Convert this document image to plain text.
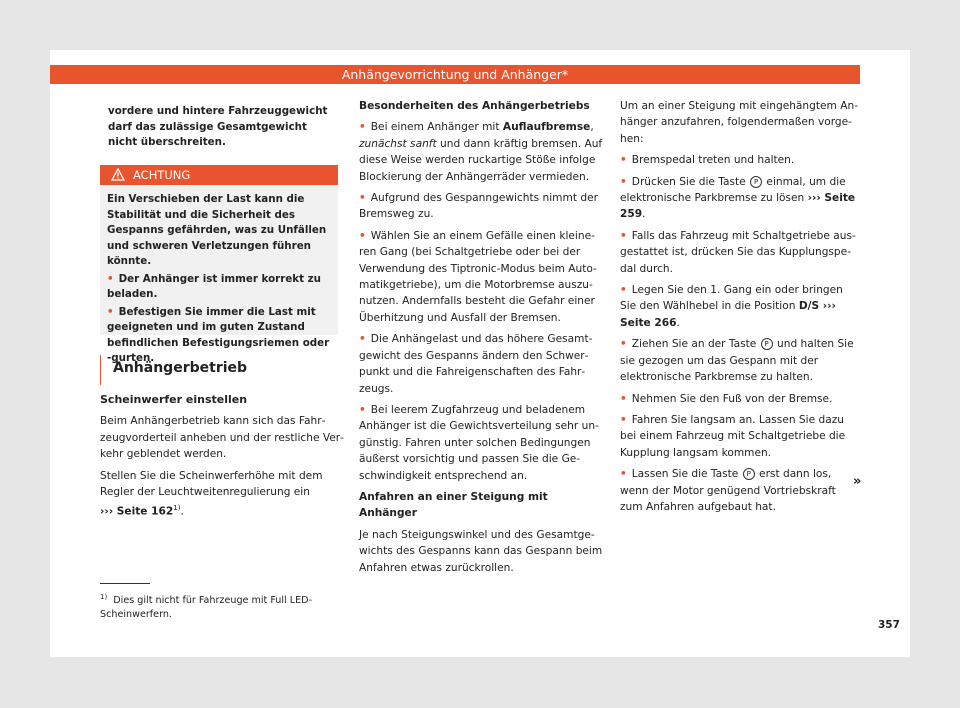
Anhängevorrichtung und Anhänger*
vordere und hintere Fahrzeuggewicht darf das zulässige Gesamtgewicht nicht überschreiten.
ACHTUNG

Ein Verschieben der Last kann die Stabilität und die Sicherheit des Gespanns gefährden, was zu Unfällen und schweren Verletzungen führen könnte.

• Der Anhänger ist immer korrekt zu beladen.

• Befestigen Sie immer die Last mit geeigneten und im guten Zustand befindlichen Befestigungsriemen oder -gurten.

Anhängerbetrieb

Scheinwerfer einstellen

Beim Anhängerbetrieb kann sich das Fahrzeugvorderteil anheben und der restliche Verkehr geblendet werden.

Stellen Sie die Scheinwerferhöhe mit dem Regler der Leuchtweitenregulierung ein
››› Seite 162$^{1)}$.

$^{1)}$ Dies gilt nicht für Fahrzeuge mit Full LED-Scheinwerfern.

Besonderheiten des Anhängerbetriebs

• Bei einem Anhänger mit Auflaufbremse, zunächst sanft und dann kräftig bremsen. Auf diese Weise werden ruckartige Stöße infolge Blockierung der Anhängerräder vermieden.

• Aufgrund des Gespanngewichts nimmt der Bremsweg zu.

• Wählen Sie an einem Gefälle einen kleineren Gang (bei Schaltgetriebe oder bei der Verwendung des Tiptronic-Modus beim Automatikgetriebe), um die Motorbremse auszunutzen. Andernfalls besteht die Gefahr einer Überhitzung und Ausfall der Bremsen.

• Die Anhängelast und das höhere Gesamtgewicht des Gespanns ändern den Schwerpunkt und die Fahreigenschaften des Fahrzeugs.

• Bei leerem Zugfahrzeug und beladenem Anhänger ist die Gewichtsverteilung sehr ungünstig. Fahren unter solchen Bedingungen äußerst vorsichtig und passen Sie die Geschwindigkeit entsprechend an.

Anfahren an einer Steigung mit Anhänger

Je nach Steigungswinkel und des Gesamtgewichts des Gespanns kann das Gespann beim Anfahren etwas zurückrollen.

Um an einer Steigung mit eingehängtem Anhänger anzufahren, folgendermaßen vorgehen:

• Bremspedal treten und halten.

• Drücken Sie die Taste P einmal, um die elektronische Parkbremse zu lösen ››› Seite 259.

• Falls das Fahrzeug mit Schaltgetriebe ausgestattet ist, drücken Sie das Kupplungspedal durch.

• Legen Sie den 1. Gang ein oder bringen Sie den Wählhebel in die Position D/S ››› Seite 266.

• Ziehen Sie an der Taste P und halten Sie sie gezogen um das Gespann mit der elektronische Parkbremse zu halten.

• Nehmen Sie den Fuß von der Bremse.

• Fahren Sie langsam an. Lassen Sie dazu bei einem Fahrzeug mit Schaltgetriebe die Kupplung langsam kommen.

• Lassen Sie die Taste P erst dann los, wenn der Motor genügend Vortriebskraft zum Anfahren aufgebaut hat.

»
357
